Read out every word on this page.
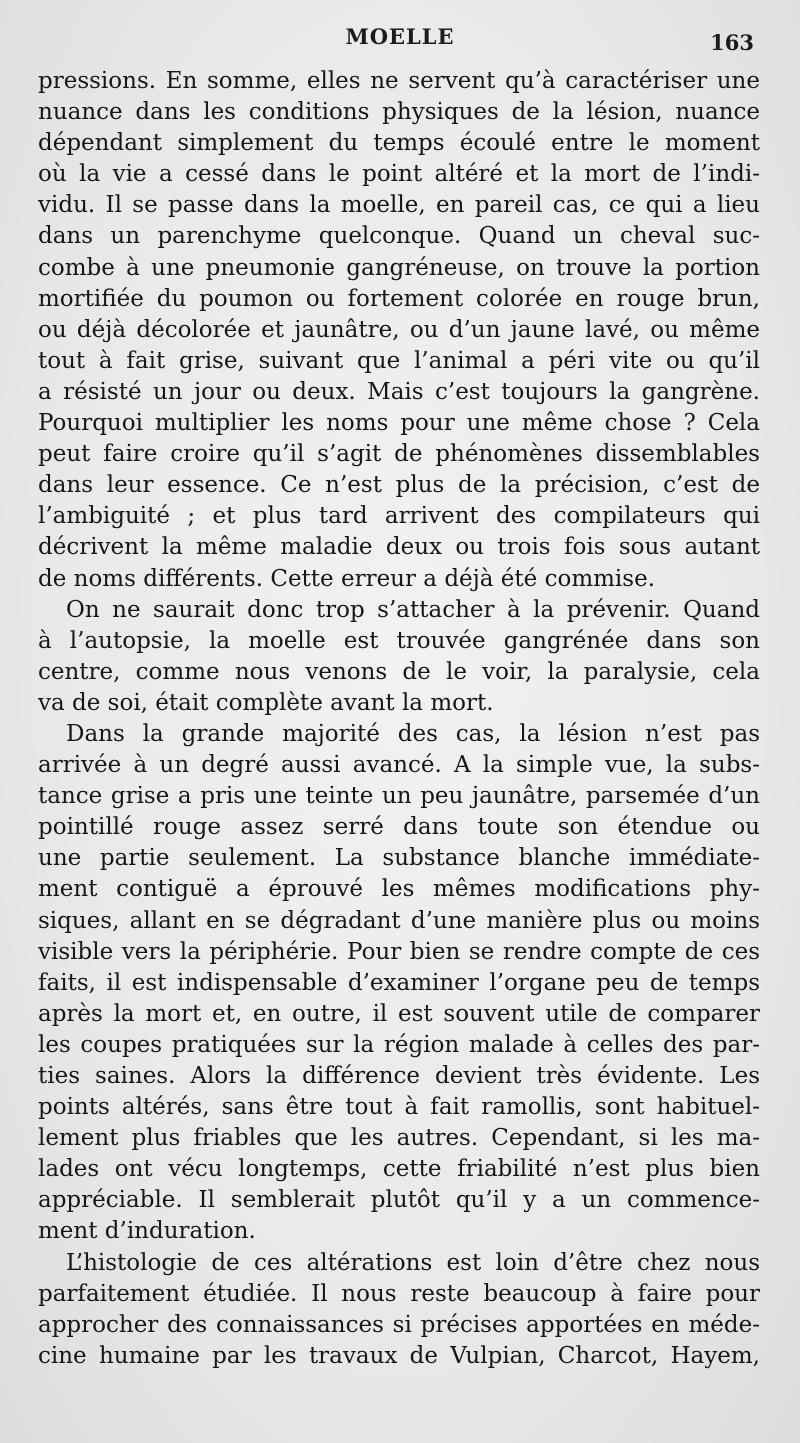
MOELLE	163
pressions. En somme, elles ne servent qu’à caractériser une
nuance dans les conditions physiques de la lésion, nuance
dépendant simplement du temps écoulé entre le moment
où la vie a cessé dans le point altéré et la mort de l’indi-
vidu. Il se passe dans la moelle, en pareil cas, ce qui a lieu
dans un parenchyme quelconque. Quand un cheval suc-
combe à une pneumonie gangréneuse, on trouve la portion
mortifiée du poumon ou fortement colorée en rouge brun,
ou déjà décolorée et jaunâtre, ou d’un jaune lavé, ou même
tout à fait grise, suivant que l’animal a péri vite ou qu’il
a résisté un jour ou deux. Mais c’est toujours la gangrène.
Pourquoi multiplier les noms pour une même chose ? Cela
peut faire croire qu’il s’agit de phénomènes dissemblables
dans leur essence. Ce n’est plus de la précision, c’est de
l’ambiguité ; et plus tard arrivent des compilateurs qui
décrivent la même maladie deux ou trois fois sous autant
de noms différents. Cette erreur a déjà été commise.
On ne saurait donc trop s’attacher à la prévenir. Quand
à l’autopsie, la moelle est trouvée gangrénée dans son
centre, comme nous venons de le voir, la paralysie, cela
va de soi, était complète avant la mort.
Dans la grande majorité des cas, la lésion n’est pas
arrivée à un degré aussi avancé. A la simple vue, la subs-
tance grise a pris une teinte un peu jaunâtre, parsemée d’un
pointillé rouge assez serré dans toute son étendue ou
une partie seulement. La substance blanche immédiate-
ment contiguë a éprouvé les mêmes modifications phy-
siques, allant en se dégradant d’une manière plus ou moins
visible vers la périphérie. Pour bien se rendre compte de ces
faits, il est indispensable d’examiner l’organe peu de temps
après la mort et, en outre, il est souvent utile de comparer
les coupes pratiquées sur la région malade à celles des par-
ties saines. Alors la différence devient très évidente. Les
points altérés, sans être tout à fait ramollis, sont habituel-
lement plus friables que les autres. Cependant, si les ma-
lades ont vécu longtemps, cette friabilité n’est plus bien
appréciable. Il semblerait plutôt qu’il y a un commence-
ment d’induration.
L’histologie de ces altérations est loin d’être chez nous
parfaitement étudiée. Il nous reste beaucoup à faire pour
approcher des connaissances si précises apportées en méde-
cine humaine par les travaux de Vulpian, Charcot, Hayem,
